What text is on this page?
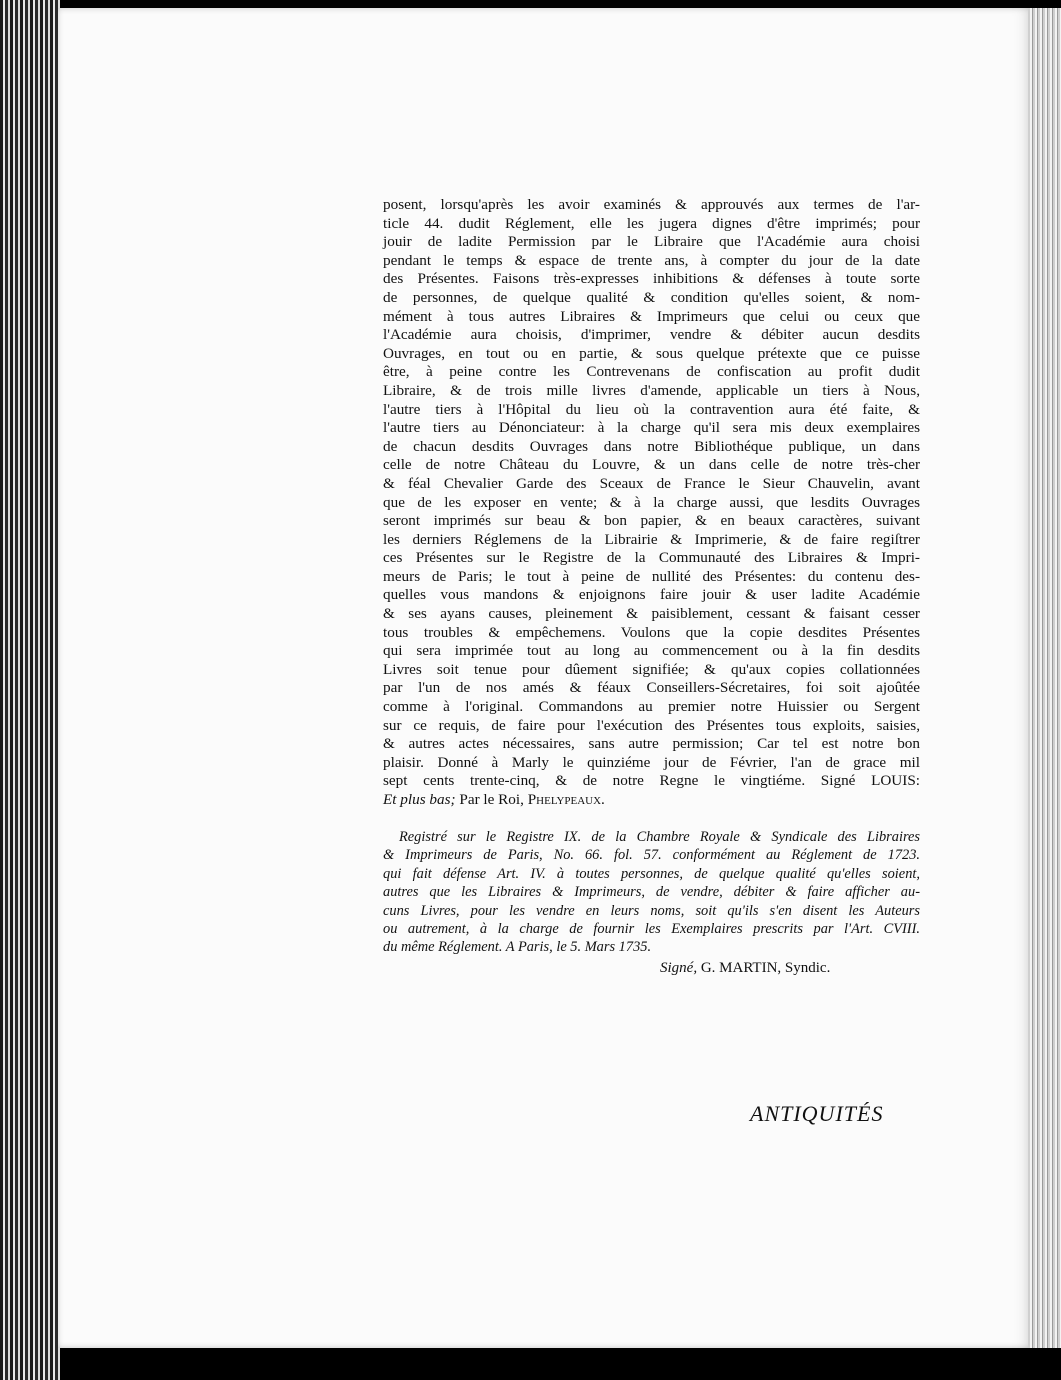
posent, lorsqu'après les avoir examinés & approuvés aux termes de l'ar-
ticle 44. dudit Réglement, elle les jugera dignes d'être imprimés; pour
jouir de ladite Permission par le Libraire que l'Académie aura choisi
pendant le temps & espace de trente ans, à compter du jour de la date
des Présentes. Faisons très-expresses inhibitions & défenses à toute sorte
de personnes, de quelque qualité & condition qu'elles soient, & nom-
mément à tous autres Libraires & Imprimeurs que celui ou ceux que
l'Académie aura choisis, d'imprimer, vendre & débiter aucun desdits
Ouvrages, en tout ou en partie, & sous quelque prétexte que ce puisse
être, à peine contre les Contrevenans de confiscation au profit dudit
Libraire, & de trois mille livres d'amende, applicable un tiers à Nous,
l'autre tiers à l'Hôpital du lieu où la contravention aura été faite, &
l'autre tiers au Dénonciateur: à la charge qu'il sera mis deux exemplaires
de chacun desdits Ouvrages dans notre Bibliothéque publique, un dans
celle de notre Château du Louvre, & un dans celle de notre très-cher
& féal Chevalier Garde des Sceaux de France le Sieur Chauvelin, avant
que de les exposer en vente; & à la charge aussi, que lesdits Ouvrages
seront imprimés sur beau & bon papier, & en beaux caractères, suivant
les derniers Réglemens de la Librairie & Imprimerie, & de faire regiſtrer
ces Présentes sur le Registre de la Communauté des Libraires & Impri-
meurs de Paris; le tout à peine de nullité des Présentes: du contenu des-
quelles vous mandons & enjoignons faire jouir & user ladite Académie
& ses ayans causes, pleinement & paisiblement, cessant & faisant cesser
tous troubles & empêchemens. Voulons que la copie desdites Présentes
qui sera imprimée tout au long au commencement ou à la fin desdits
Livres soit tenue pour dûement signifiée; & qu'aux copies collationnées
par l'un de nos amés & féaux Conseillers-Sécretaires, foi soit ajoûtée
comme à l'original. Commandons au premier notre Huissier ou Sergent
sur ce requis, de faire pour l'exécution des Présentes tous exploits, saisies,
& autres actes nécessaires, sans autre permission; Car tel est notre bon
plaisir. Donné à Marly le quinziéme jour de Février, l'an de grace mil
sept cents trente-cinq, & de notre Regne le vingtiéme. Signé LOUIS:
Et plus bas; Par le Roi, Phelypeaux.
Registré sur le Registre IX. de la Chambre Royale & Syndicale des Libraires
& Imprimeurs de Paris, No. 66. fol. 57. conformément au Réglement de 1723.
qui fait défense Art. IV. à toutes personnes, de quelque qualité qu'elles soient,
autres que les Libraires & Imprimeurs, de vendre, débiter & faire afficher au-
cuns Livres, pour les vendre en leurs noms, soit qu'ils s'en disent les Auteurs
ou autrement, à la charge de fournir les Exemplaires prescrits par l'Art. CVIII.
du même Réglement. A Paris, le 5. Mars 1735.
Signé, G. MARTIN, Syndic.
ANTIQUITÉS
